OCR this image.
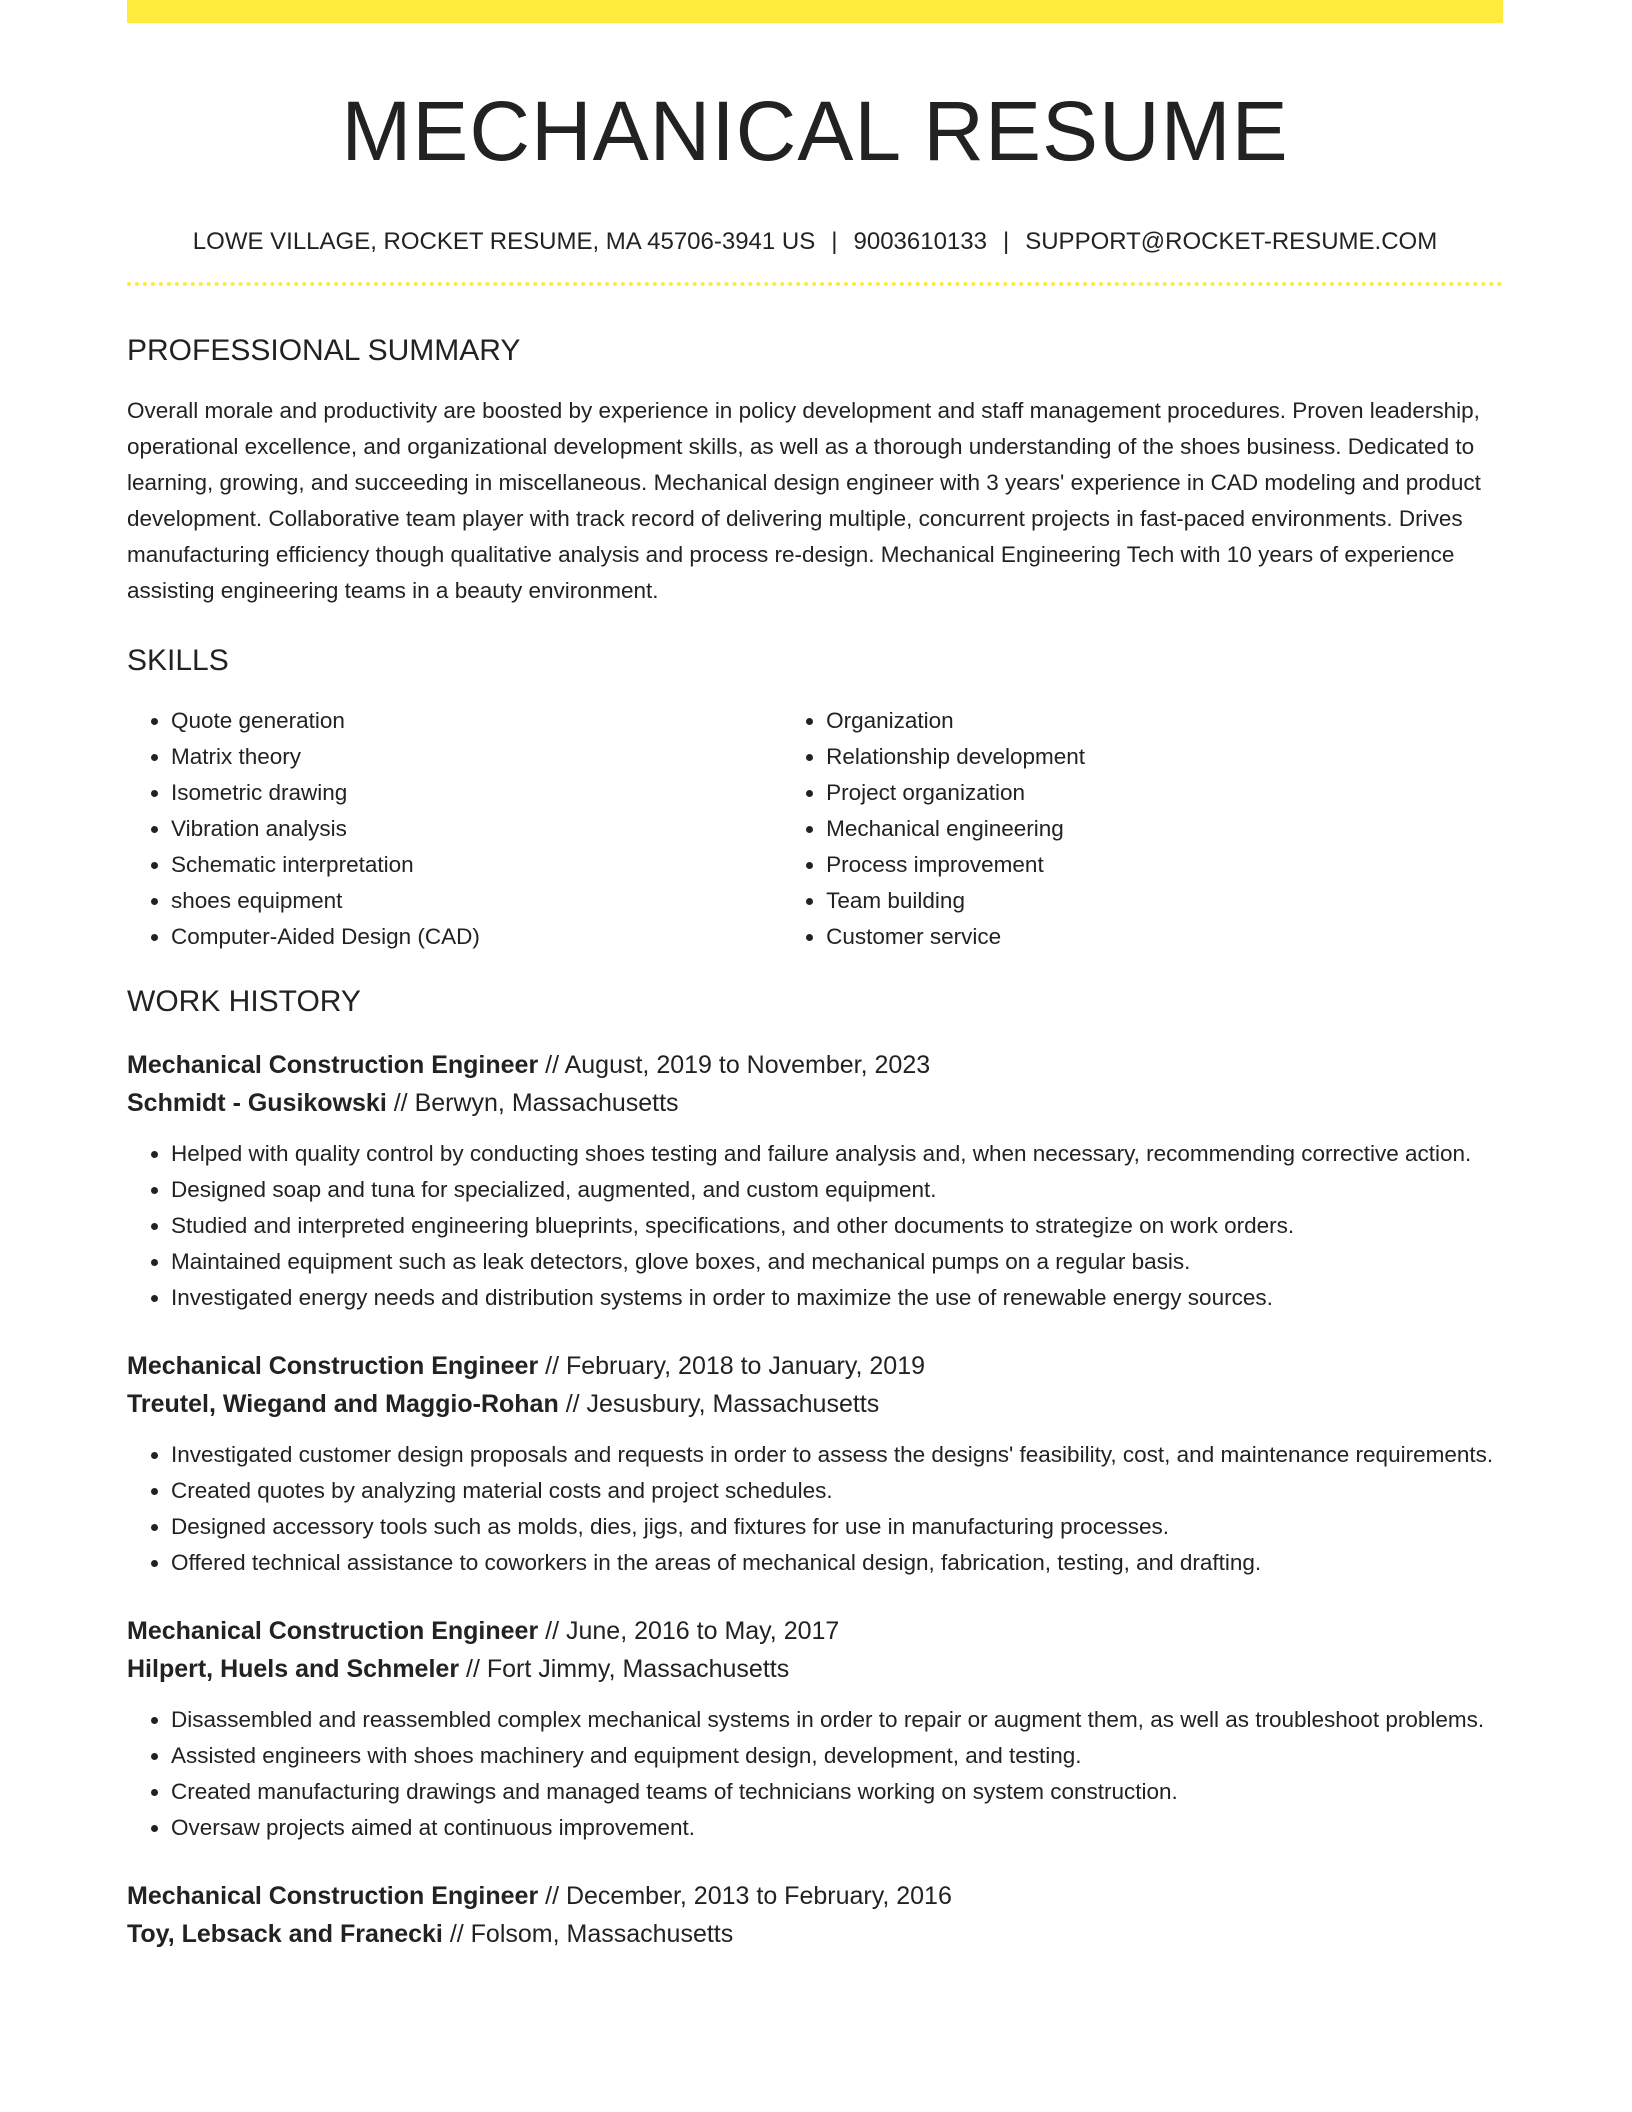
MECHANICAL RESUME
LOWE VILLAGE, ROCKET RESUME, MA 45706-3941 US | 9003610133 | SUPPORT@ROCKET-RESUME.COM
PROFESSIONAL SUMMARY

Overall morale and productivity are boosted by experience in policy development and staff management procedures. Proven leadership, operational excellence, and organizational development skills, as well as a thorough understanding of the shoes business. Dedicated to learning, growing, and succeeding in miscellaneous. Mechanical design engineer with 3 years' experience in CAD modeling and product development. Collaborative team player with track record of delivering multiple, concurrent projects in fast-paced environments. Drives manufacturing efficiency though qualitative analysis and process re-design. Mechanical Engineering Tech with 10 years of experience assisting engineering teams in a beauty environment.

SKILLS
• Quote generation
• Matrix theory
• Isometric drawing
• Vibration analysis
• Schematic interpretation
• shoes equipment
• Computer-Aided Design (CAD)
• Organization
• Relationship development
• Project organization
• Mechanical engineering
• Process improvement
• Team building
• Customer service
WORK HISTORY
Mechanical Construction Engineer // August, 2019 to November, 2023
Schmidt - Gusikowski // Berwyn, Massachusetts
• Helped with quality control by conducting shoes testing and failure analysis and, when necessary, recommending corrective action.
• Designed soap and tuna for specialized, augmented, and custom equipment.
• Studied and interpreted engineering blueprints, specifications, and other documents to strategize on work orders.
• Maintained equipment such as leak detectors, glove boxes, and mechanical pumps on a regular basis.
• Investigated energy needs and distribution systems in order to maximize the use of renewable energy sources.
Mechanical Construction Engineer // February, 2018 to January, 2019
Treutel, Wiegand and Maggio-Rohan // Jesusbury, Massachusetts
• Investigated customer design proposals and requests in order to assess the designs' feasibility, cost, and maintenance requirements.
• Created quotes by analyzing material costs and project schedules.
• Designed accessory tools such as molds, dies, jigs, and fixtures for use in manufacturing processes.
• Offered technical assistance to coworkers in the areas of mechanical design, fabrication, testing, and drafting.
Mechanical Construction Engineer // June, 2016 to May, 2017
Hilpert, Huels and Schmeler // Fort Jimmy, Massachusetts
• Disassembled and reassembled complex mechanical systems in order to repair or augment them, as well as troubleshoot problems.
• Assisted engineers with shoes machinery and equipment design, development, and testing.
• Created manufacturing drawings and managed teams of technicians working on system construction.
• Oversaw projects aimed at continuous improvement.
Mechanical Construction Engineer // December, 2013 to February, 2016
Toy, Lebsack and Franecki // Folsom, Massachusetts
